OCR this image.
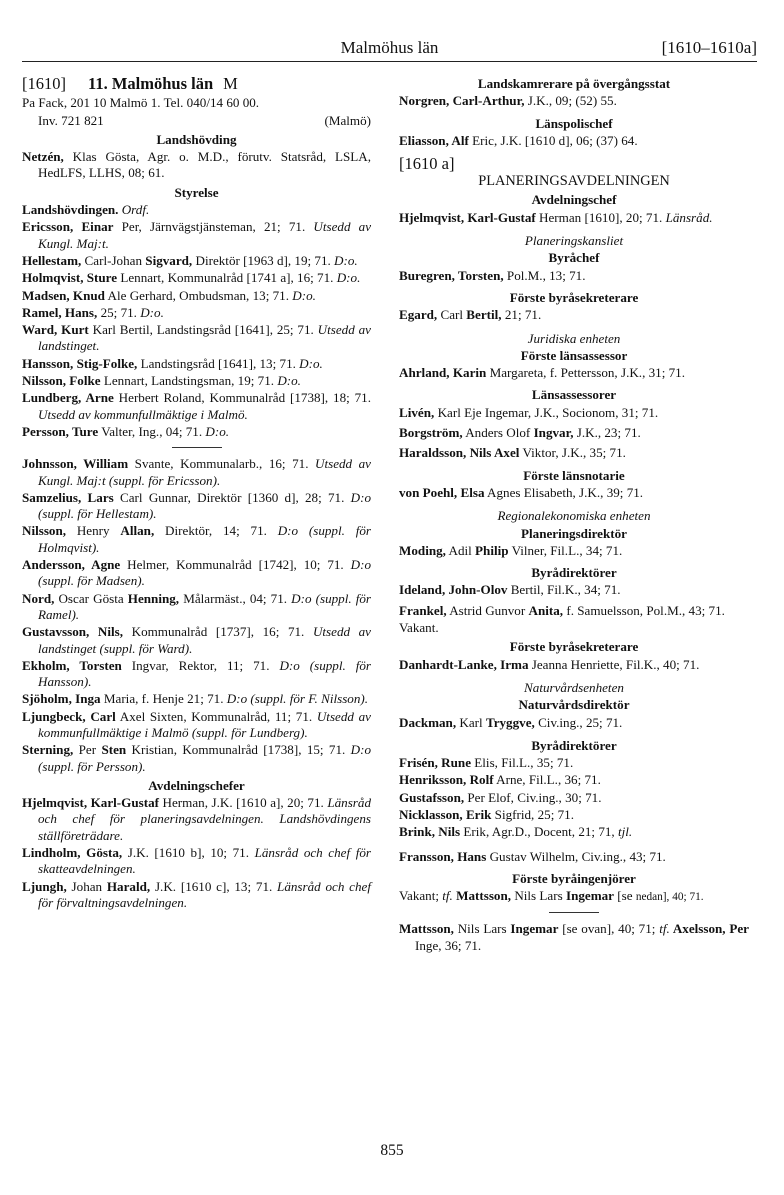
Malmöhus län	[1610–1610a]
[1610] 11. Malmöhus län M
Pa Fack, 201 10 Malmö 1. Tel. 040/14 60 00.
Inv. 721 821	(Malmö)
Landshövding
Netzén, Klas Gösta, Agr. o. M.D., förutv. Statsråd, LSLA, HedLFS, LLHS, 08; 61.
Styrelse
Landshövdingen. Ordf.
Ericsson, Einar Per, Järnvägstjänsteman, 21; 71. Utsedd av Kungl. Maj:t.
Hellestam, Carl-Johan Sigvard, Direktör [1963 d], 19; 71. D:o.
Holmqvist, Sture Lennart, Kommunalråd [1741 a], 16; 71. D:o.
Madsen, Knud Ale Gerhard, Ombudsman, 13; 71. D:o.
Ramel, Hans, 25; 71. D:o.
Ward, Kurt Karl Bertil, Landstingsråd [1641], 25; 71. Utsedd av landstinget.
Hansson, Stig-Folke, Landstingsråd [1641], 13; 71. D:o.
Nilsson, Folke Lennart, Landstingsman, 19; 71. D:o.
Lundberg, Arne Herbert Roland, Kommunalråd [1738], 18; 71. Utsedd av kommunfullmäktige i Malmö.
Persson, Ture Valter, Ing., 04; 71. D:o.
Johnsson, William Svante, Kommunalarb., 16; 71. Utsedd av Kungl. Maj:t (suppl. för Ericsson).
Samzelius, Lars Carl Gunnar, Direktör [1360 d], 28; 71. D:o (suppl. för Hellestam).
Nilsson, Henry Allan, Direktör, 14; 71. D:o (suppl. för Holmqvist).
Andersson, Agne Helmer, Kommunalråd [1742], 10; 71. D:o (suppl. för Madsen).
Nord, Oscar Gösta Henning, Målarmäst., 04; 71. D:o (suppl. för Ramel).
Gustavsson, Nils, Kommunalråd [1737], 16; 71. Utsedd av landstinget (suppl. för Ward).
Ekholm, Torsten Ingvar, Rektor, 11; 71. D:o (suppl. för Hansson).
Sjöholm, Inga Maria, f. Henje 21; 71. D:o (suppl. för F. Nilsson).
Ljungbeck, Carl Axel Sixten, Kommunalråd, 11; 71. Utsedd av kommunfullmäktige i Malmö (suppl. för Lundberg).
Sterning, Per Sten Kristian, Kommunalråd [1738], 15; 71. D:o (suppl. för Persson).
Avdelningschefer
Hjelmqvist, Karl-Gustaf Herman, J.K. [1610 a], 20; 71. Länsråd och chef för planeringsavdelningen. Landshövdingens ställföreträdare.
Lindholm, Gösta, J.K. [1610 b], 10; 71. Länsråd och chef för skatteavdelningen.
Ljungh, Johan Harald, J.K. [1610 c], 13; 71. Länsråd och chef för förvaltningsavdelningen.
Landskamrerare på övergångsstat
Norgren, Carl-Arthur, J.K., 09; (52) 55.
Länspolischef
Eliasson, Alf Eric, J.K. [1610 d], 06; (37) 64.
[1610 a]
PLANERINGSAVDELNINGEN
Avdelningschef
Hjelmqvist, Karl-Gustaf Herman [1610], 20; 71. Länsråd.
Planeringskansliet
Byråchef
Buregren, Torsten, Pol.M., 13; 71.
Förste byråsekreterare
Egard, Carl Bertil, 21; 71.
Juridiska enheten
Förste länsassessor
Ahrland, Karin Margareta, f. Pettersson, J.K., 31; 71.
Länsassessorer
Livén, Karl Eje Ingemar, J.K., Socionom, 31; 71.
Borgström, Anders Olof Ingvar, J.K., 23; 71.
Haraldsson, Nils Axel Viktor, J.K., 35; 71.
Förste länsnotarie
von Poehl, Elsa Agnes Elisabeth, J.K., 39; 71.
Regionalekonomiska enheten
Planeringsdirektör
Moding, Adil Philip Vilner, Fil.L., 34; 71.
Byrådirektörer
Ideland, John-Olov Bertil, Fil.K., 34; 71.
Frankel, Astrid Gunvor Anita, f. Samuelsson, Pol.M., 43; 71.
Vakant.
Förste byråsekreterare
Danhardt-Lanke, Irma Jeanna Henriette, Fil.K., 40; 71.
Naturvårdsenheten
Naturvårdsdirektör
Dackman, Karl Tryggve, Civ.ing., 25; 71.
Byrådirektörer
Frisén, Rune Elis, Fil.L., 35; 71.
Henriksson, Rolf Arne, Fil.L., 36; 71.
Gustafsson, Per Elof, Civ.ing., 30; 71.
Nicklasson, Erik Sigfrid, 25; 71.
Brink, Nils Erik, Agr.D., Docent, 21; 71, tjl.
Fransson, Hans Gustav Wilhelm, Civ.ing., 43; 71.
Förste byråingenjörer
Vakant; tf. Mattsson, Nils Lars Ingemar [se nedan], 40; 71.
Mattsson, Nils Lars Ingemar [se ovan], 40; 71; tf. Axelsson, Per Inge, 36; 71.
855
